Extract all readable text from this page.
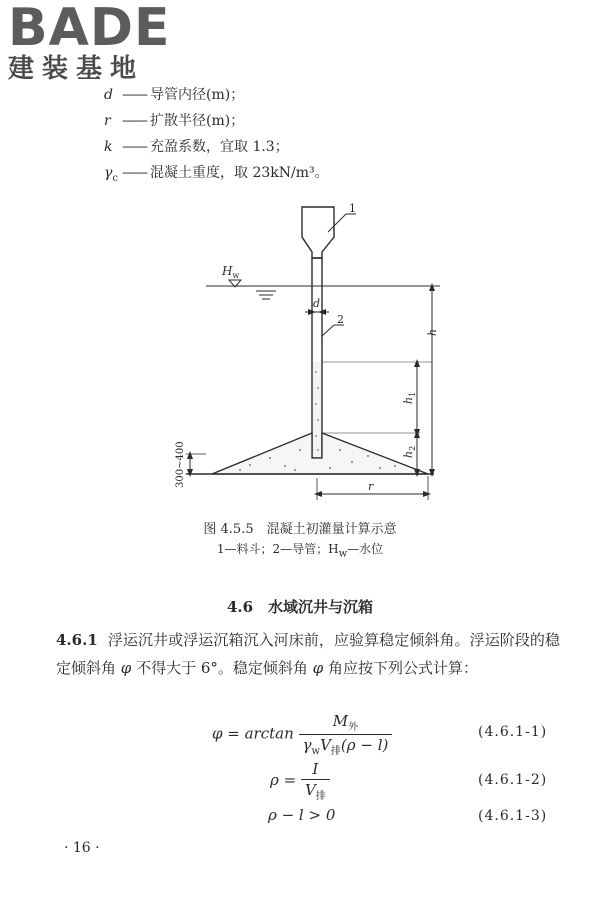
BADE
建装基地
d —— 导管内径(m)；
r —— 扩散半径(m)；
k —— 充盈系数，宜取 1.3；
$\gamma_c$ —— 混凝土重度，取 23kN/m³。
$H_w$
1
2
d
h
$h_1$
$h_2$
r
300~400
图 4.5.5　混凝土初灌量计算示意
1—料斗；2—导管；$H_w—$水位
4.6　水域沉井与沉箱
4.6.1 浮运沉井或浮运沉箱沉入河床前，应验算稳定倾斜角。浮运阶段的稳定倾斜角 φ 不得大于 6°。稳定倾斜角 φ 角应按下列公式计算：
$\varphi = \arctan \frac{M_外}{\gamma_wV_排(\rho - l)}$	(4.6.1-1)
$\rho = \frac{I}{V_排}$	(4.6.1-2)
ρ − l > 0	(4.6.1-3)
· 16 ·
